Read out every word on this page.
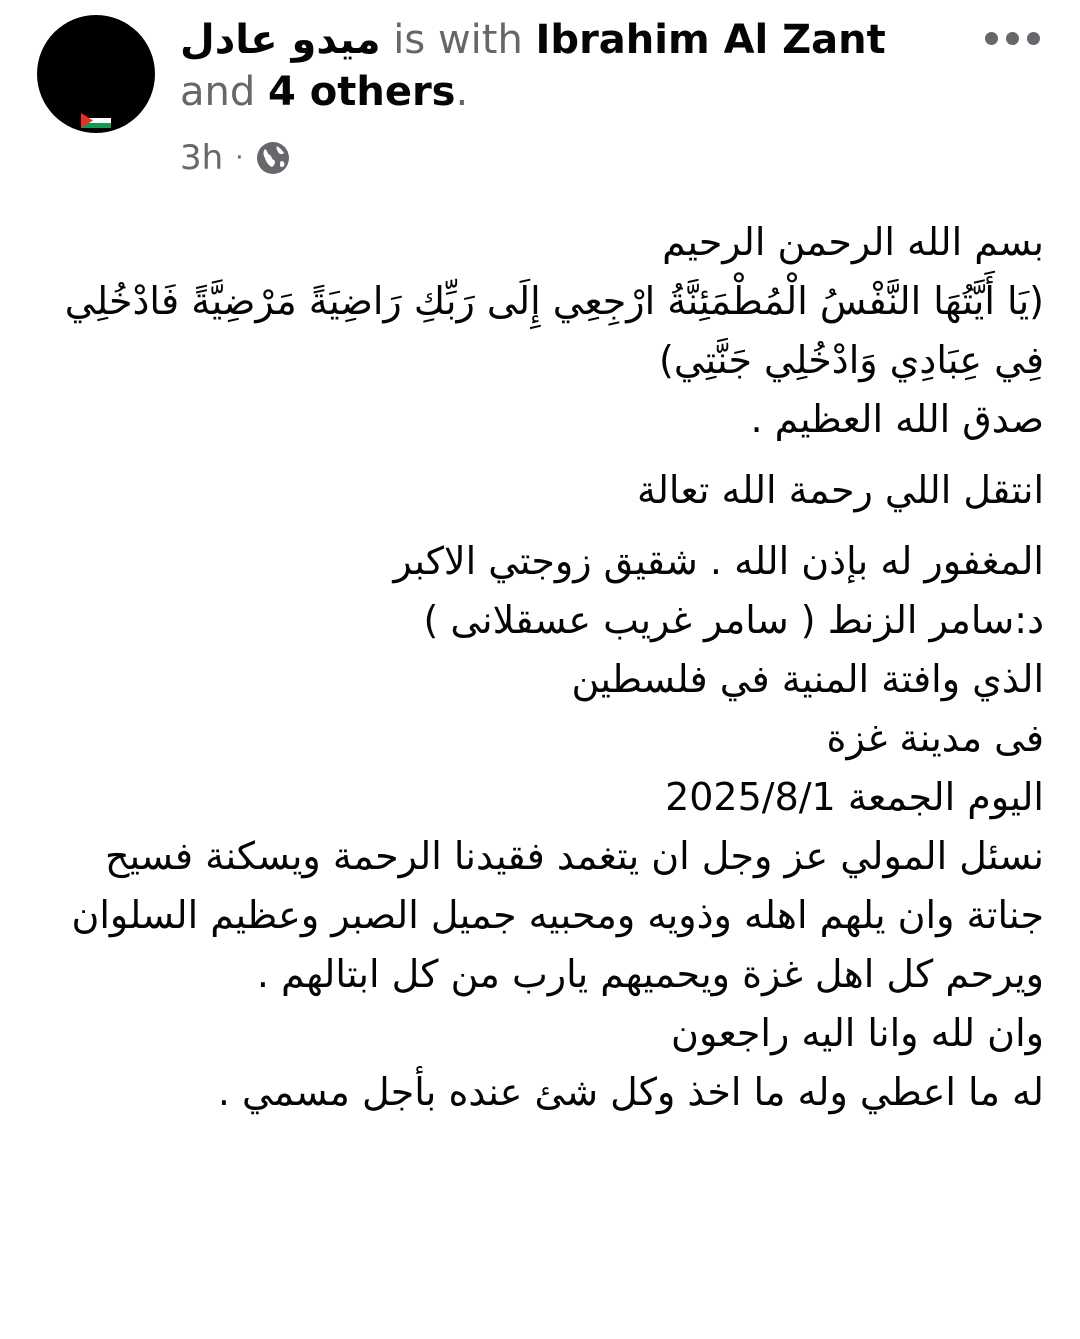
ميدو عادل is with Ibrahim Al Zant
and 4 others.
3h ·

بسم الله الرحمن الرحيم

(يَا أَيَّتُهَا النَّفْسُ الْمُطْمَئِنَّةُ ارْجِعِي إِلَى رَبِّكِ رَاضِيَةً مَرْضِيَّةً فَادْخُلِي فِي عِبَادِي وَادْخُلِي جَنَّتِي)

صدق الله العظيم .

انتقل اللي رحمة الله تعالة

المغفور له بإذن الله . شقيق زوجتي الاكبر

د:سامر الزنط ( سامر غريب عسقلانى )

الذي وافتة المنية في فلسطين

فى مدينة غزة

اليوم الجمعة 2025/8/1

نسئل المولي عز وجل ان يتغمد فقيدنا الرحمة ويسكنة فسيح جناتة وان يلهم اهله وذويه ومحبيه جميل الصبر وعظيم السلوان

ويرحم كل اهل غزة ويحميهم يارب من كل ابتالهم .

وان لله وانا اليه راجعون

له ما اعطي وله ما اخذ وكل شئ عنده بأجل مسمي .
